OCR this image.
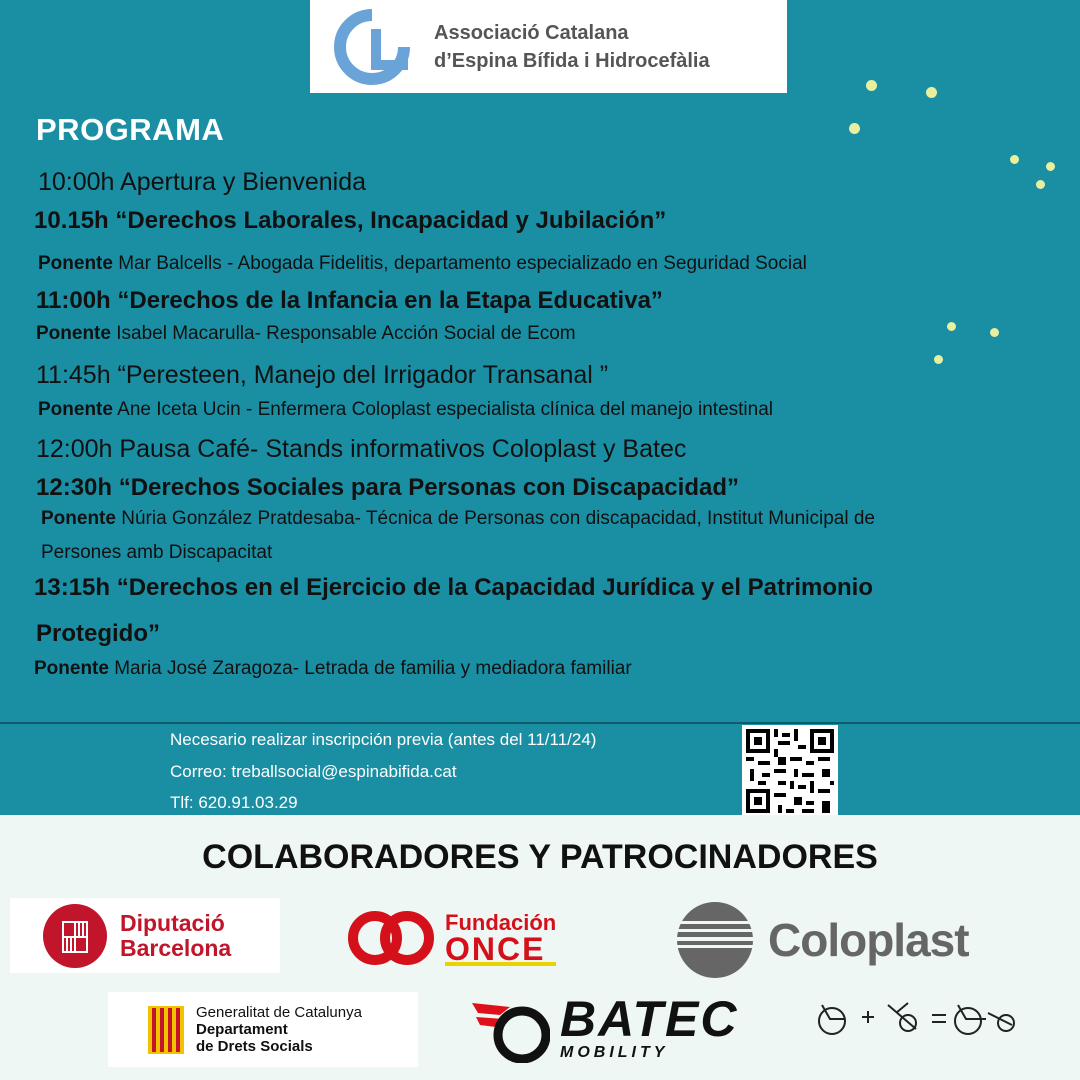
Associació Catalana
d’Espina Bífida i Hidrocefàlia
PROGRAMA
10:00h Apertura y Bienvenida
10.15h “Derechos Laborales, Incapacidad y Jubilación”
Ponente Mar Balcells - Abogada Fidelitis, departamento especializado en Seguridad Social
11:00h “Derechos de la Infancia en la Etapa Educativa”
Ponente Isabel Macarulla- Responsable Acción Social de Ecom
11:45h “Peresteen, Manejo del Irrigador Transanal ”
Ponente Ane Iceta Ucin - Enfermera Coloplast especialista clínica del manejo intestinal
12:00h Pausa Café- Stands informativos Coloplast y Batec
12:30h “Derechos Sociales para Personas con Discapacidad”
Ponente Núria González Pratdesaba- Técnica de Personas con discapacidad, Institut Municipal de
Persones amb Discapacitat
13:15h “Derechos en el Ejercicio de la Capacidad Jurídica y el Patrimonio
Protegido”
Ponente Maria José Zaragoza- Letrada de familia y mediadora familiar
Necesario realizar inscripción previa (antes del 11/11/24)
Correo: treballsocial@espinabifida.cat
Tlf: 620.91.03.29
COLABORADORES Y PATROCINADORES
Diputació
Barcelona
Fundación
ONCE	Coloplast
Generalitat de Catalunya
Departament
de Drets Socials	BATEC
MOBILITY
